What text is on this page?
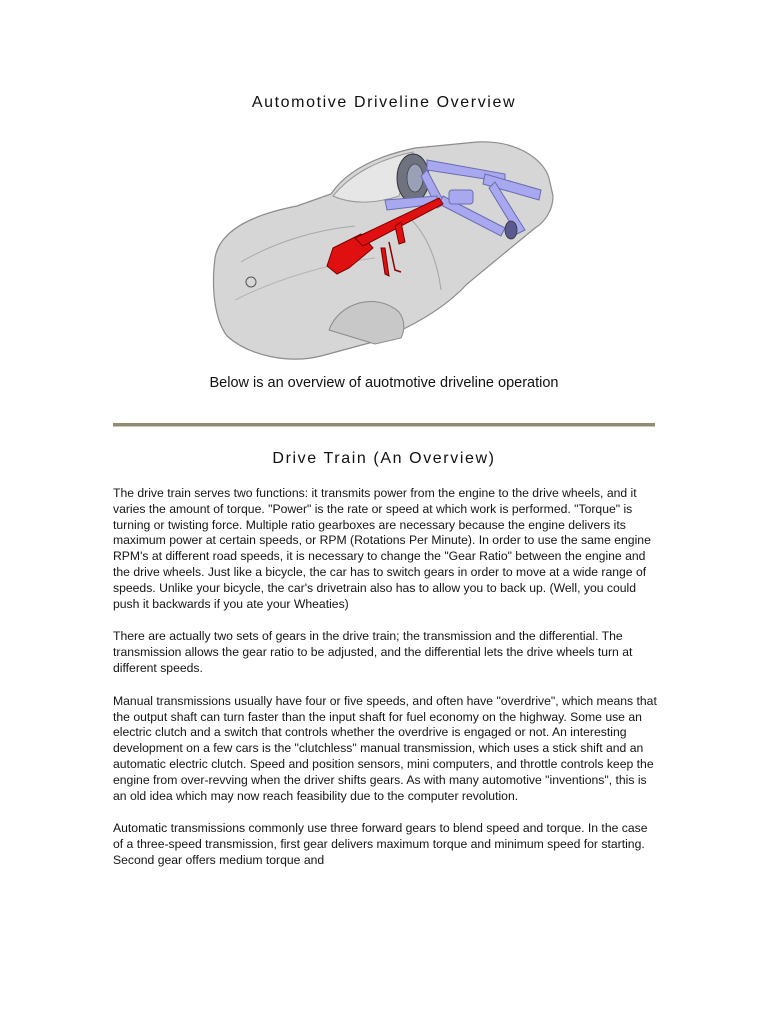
Automotive Driveline Overview
Below is an overview of auotmotive driveline operation
Drive Train (An Overview)

The drive train serves two functions: it transmits power from the engine to the drive wheels, and it varies the amount of torque. "Power" is the rate or speed at which work is performed. "Torque" is turning or twisting force. Multiple ratio gearboxes are necessary because the engine delivers its maximum power at certain speeds, or RPM (Rotations Per Minute). In order to use the same engine RPM's at different road speeds, it is necessary to change the "Gear Ratio" between the engine and the drive wheels. Just like a bicycle, the car has to switch gears in order to move at a wide range of speeds. Unlike your bicycle, the car's drivetrain also has to allow you to back up. (Well, you could push it backwards if you ate your Wheaties)

There are actually two sets of gears in the drive train; the transmission and the differential. The transmission allows the gear ratio to be adjusted, and the differential lets the drive wheels turn at different speeds.

Manual transmissions usually have four or five speeds, and often have "overdrive", which means that the output shaft can turn faster than the input shaft for fuel economy on the highway. Some use an electric clutch and a switch that controls whether the overdrive is engaged or not. An interesting development on a few cars is the "clutchless" manual transmission, which uses a stick shift and an automatic electric clutch. Speed and position sensors, mini computers, and throttle controls keep the engine from over-revving when the driver shifts gears. As with many automotive "inventions", this is an old idea which may now reach feasibility due to the computer revolution.

Automatic transmissions commonly use three forward gears to blend speed and torque. In the case of a three-speed transmission, first gear delivers maximum torque and minimum speed for starting. Second gear offers medium torque and
